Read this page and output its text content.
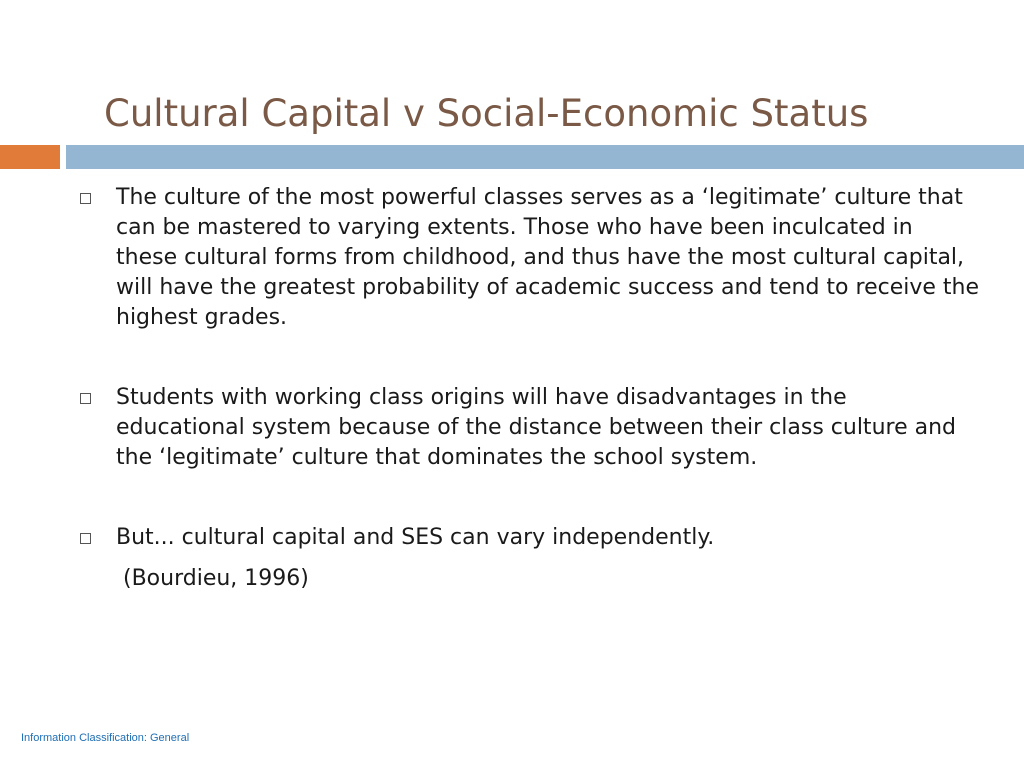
Cultural Capital v Social-Economic Status
The culture of the most powerful classes serves as a ‘legitimate’ culture that can be mastered to varying extents. Those who have been inculcated in these cultural forms from childhood, and thus have the most cultural capital, will have the greatest probability of academic success and tend to receive the highest grades.
Students with working class origins will have disadvantages in the educational system because of the distance between their class culture and the ‘legitimate’ culture that dominates the school system.
But... cultural capital and SES can vary independently.
(Bourdieu, 1996)
Information Classification: General
